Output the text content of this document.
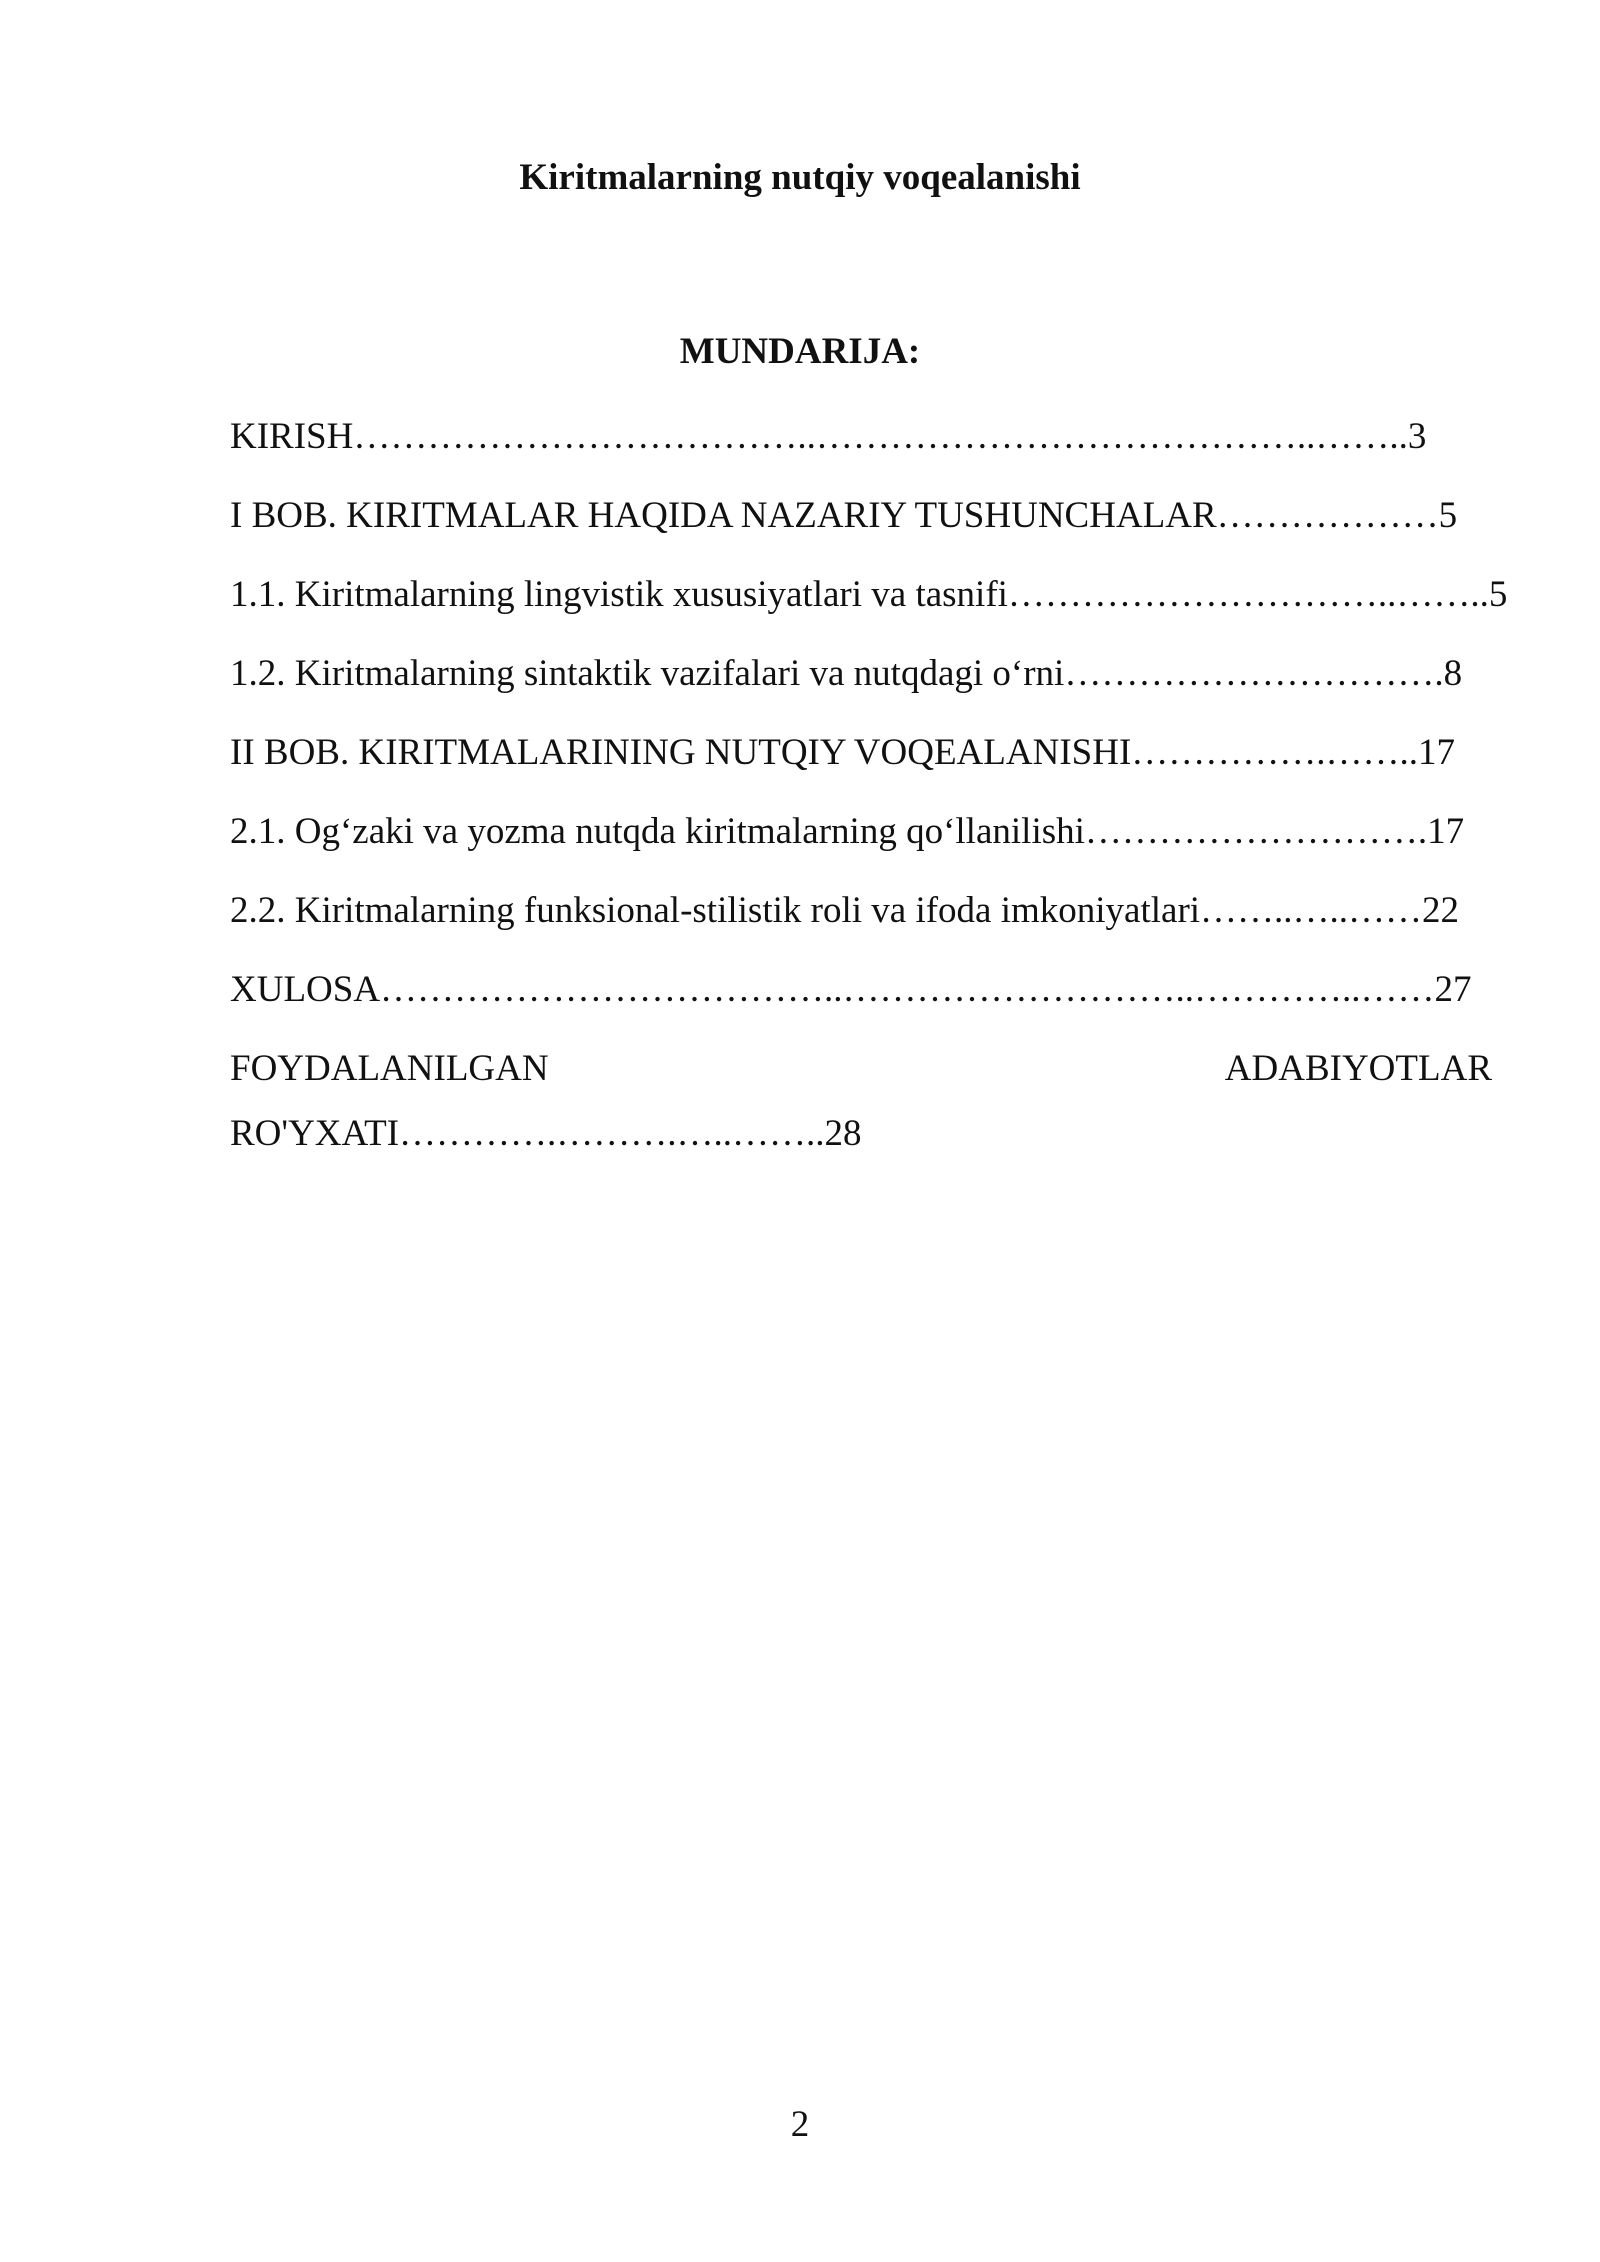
Kiritmalarning nutqiy voqealanishi
MUNDARIJA:
KIRISH………………………………..…………………………………..……..3
I BOB. KIRITMALAR HAQIDA NAZARIY TUSHUNCHALAR………………5
1.1. Kiritmalarning lingvistik xususiyatlari va tasnifi…………………………..……..5
1.2. Kiritmalarning sintaktik vazifalari va nutqdagi o‘rni………………………….8
II BOB. KIRITMALARINING NUTQIY VOQEALANISHI…………….……..17
2.1. Og‘zaki va yozma nutqda kiritmalarning qo‘llanilishi……………………….17
2.2. Kiritmalarning funksional-stilistik roli va ifoda imkoniyatlari……..…..……22
XULOSA………………………………..………………………..…………..……27
FOYDALANILGAN	ADABIYOTLAR
RO'YXATI………….……….…..……..28
2
